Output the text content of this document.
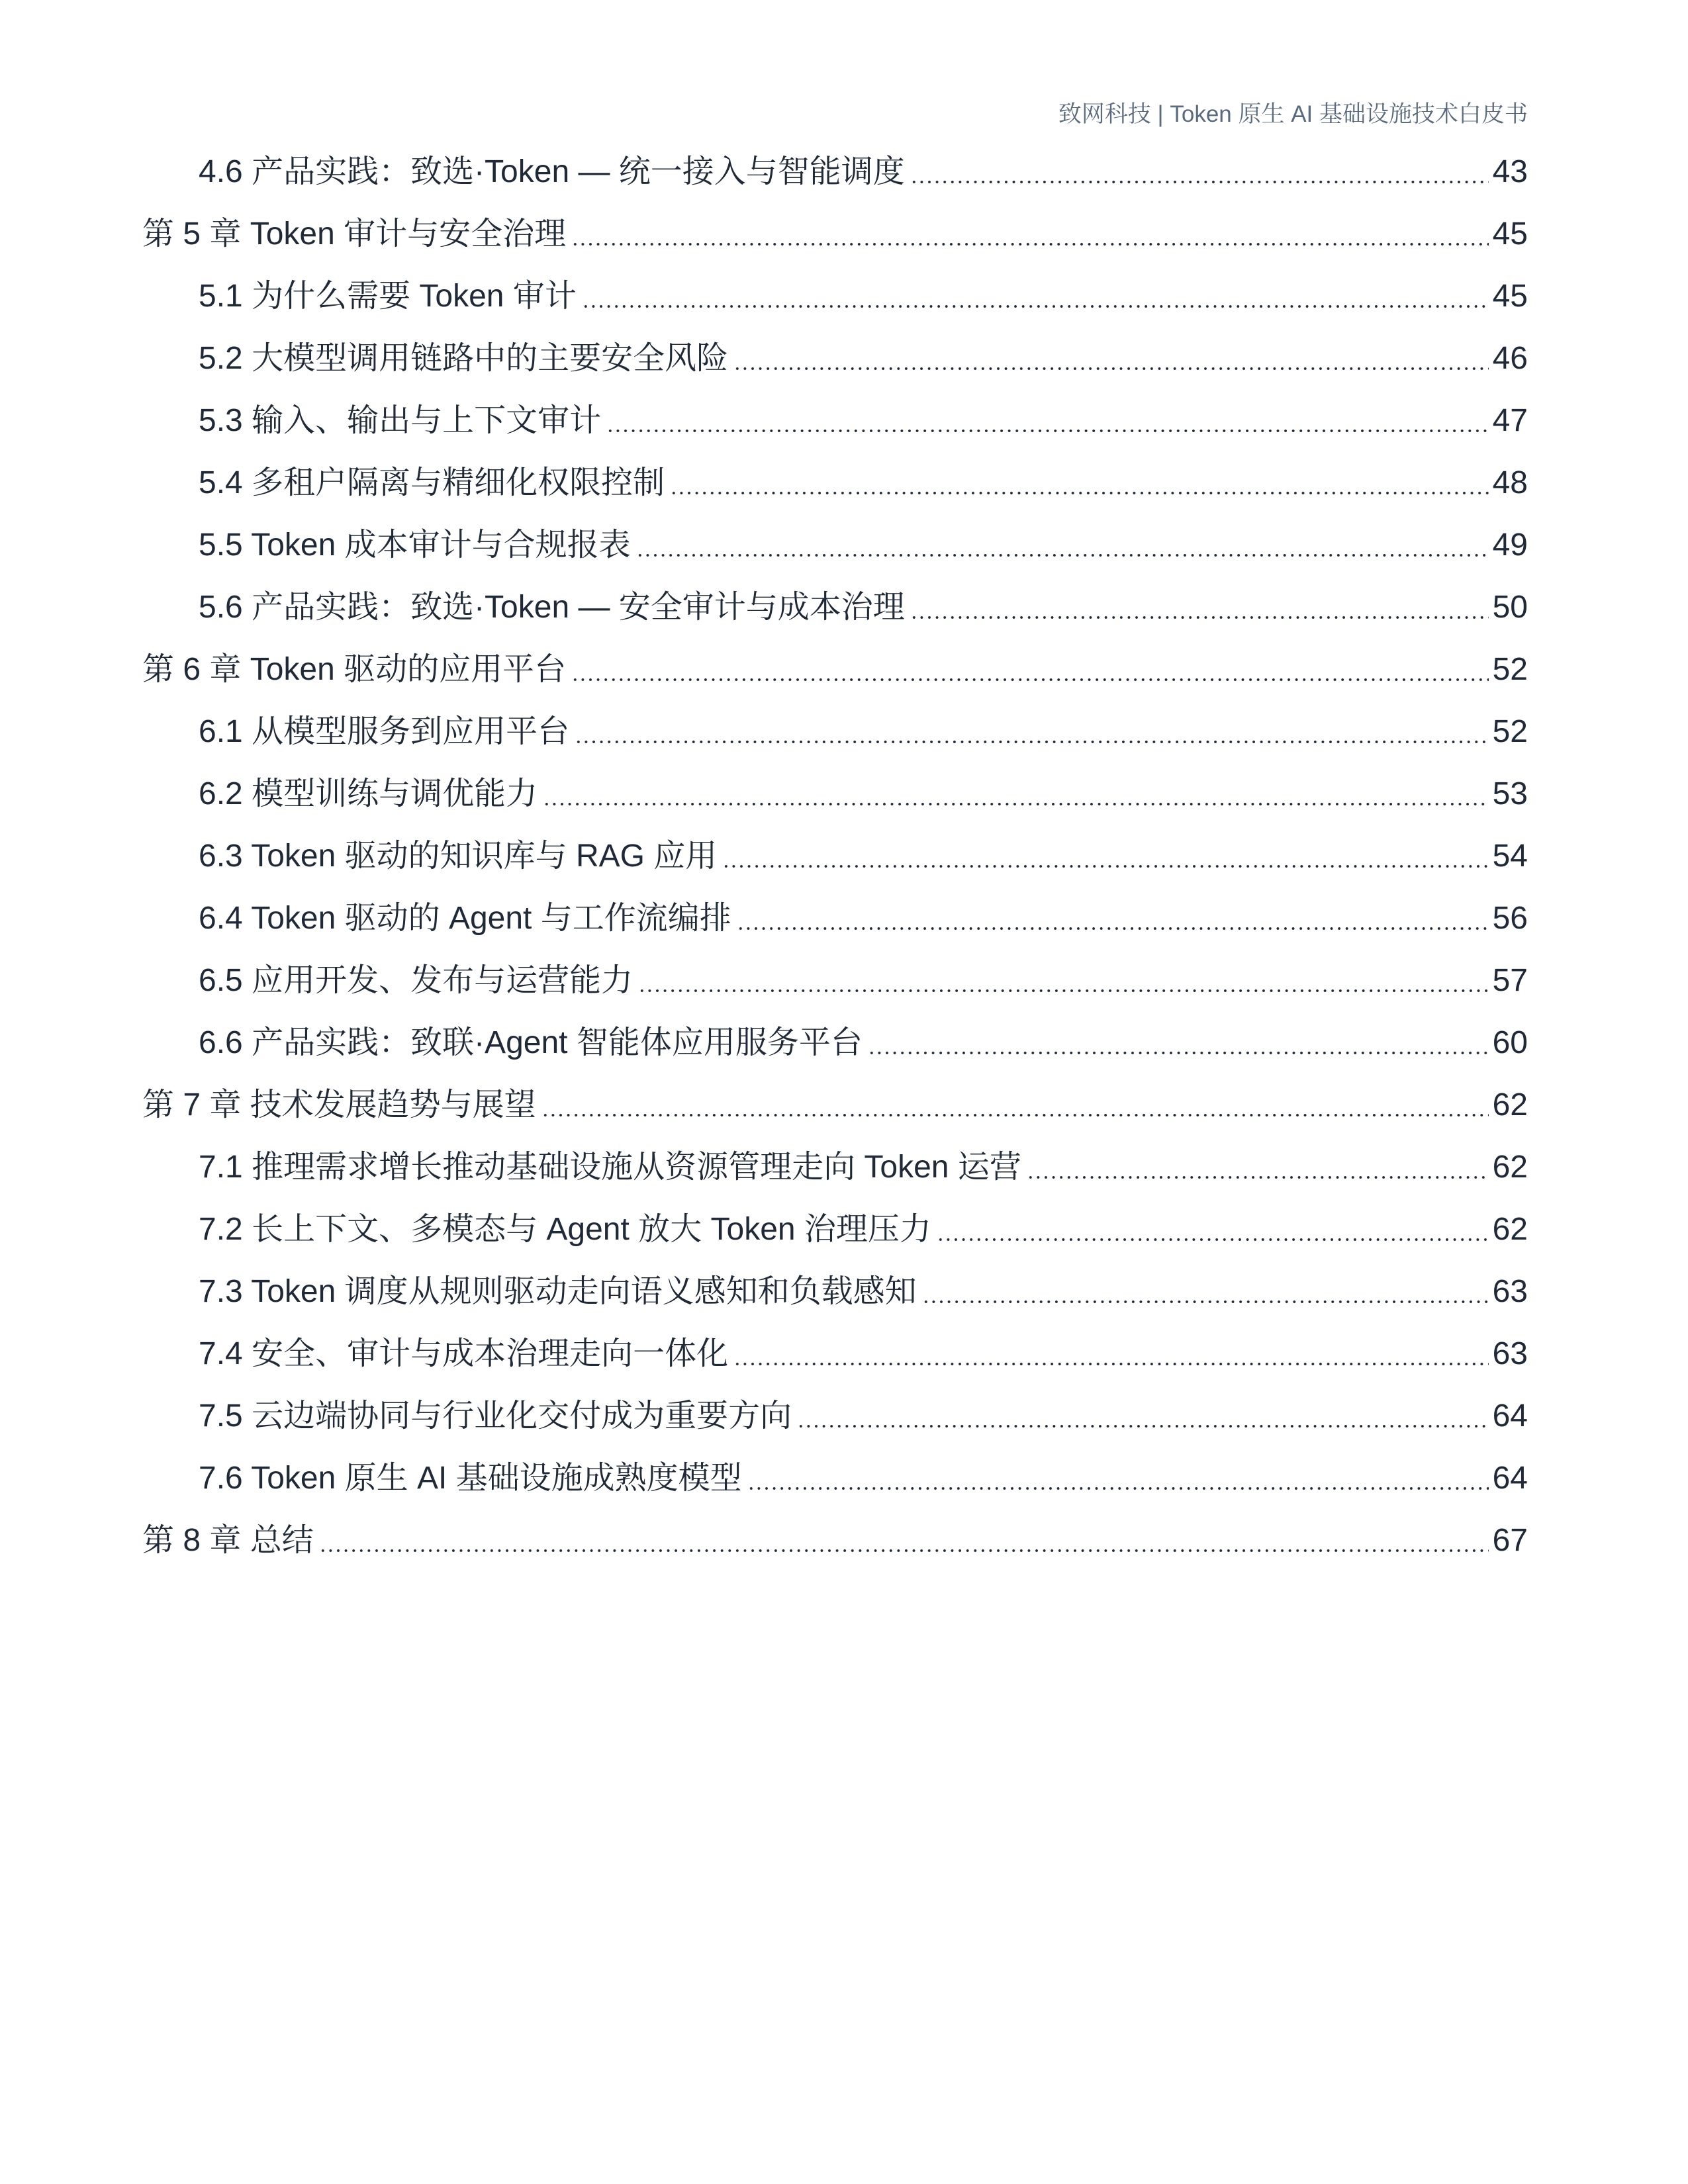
致网科技 | Token 原生 AI 基础设施技术白皮书
4.6 产品实践：致选·Token — 统一接入与智能调度	43
第 5 章 Token 审计与安全治理	45
5.1 为什么需要 Token 审计	45
5.2 大模型调用链路中的主要安全风险	46
5.3 输入、输出与上下文审计	47
5.4 多租户隔离与精细化权限控制	48
5.5 Token 成本审计与合规报表	49
5.6 产品实践：致选·Token — 安全审计与成本治理	50
第 6 章 Token 驱动的应用平台	52
6.1 从模型服务到应用平台	52
6.2 模型训练与调优能力	53
6.3 Token 驱动的知识库与 RAG 应用	54
6.4 Token 驱动的 Agent 与工作流编排	56
6.5 应用开发、发布与运营能力	57
6.6 产品实践：致联·Agent 智能体应用服务平台	60
第 7 章 技术发展趋势与展望	62
7.1 推理需求增长推动基础设施从资源管理走向 Token 运营	62
7.2 长上下文、多模态与 Agent 放大 Token 治理压力	62
7.3 Token 调度从规则驱动走向语义感知和负载感知	63
7.4 安全、审计与成本治理走向一体化	63
7.5 云边端协同与行业化交付成为重要方向	64
7.6 Token 原生 AI 基础设施成熟度模型	64
第 8 章 总结	67
